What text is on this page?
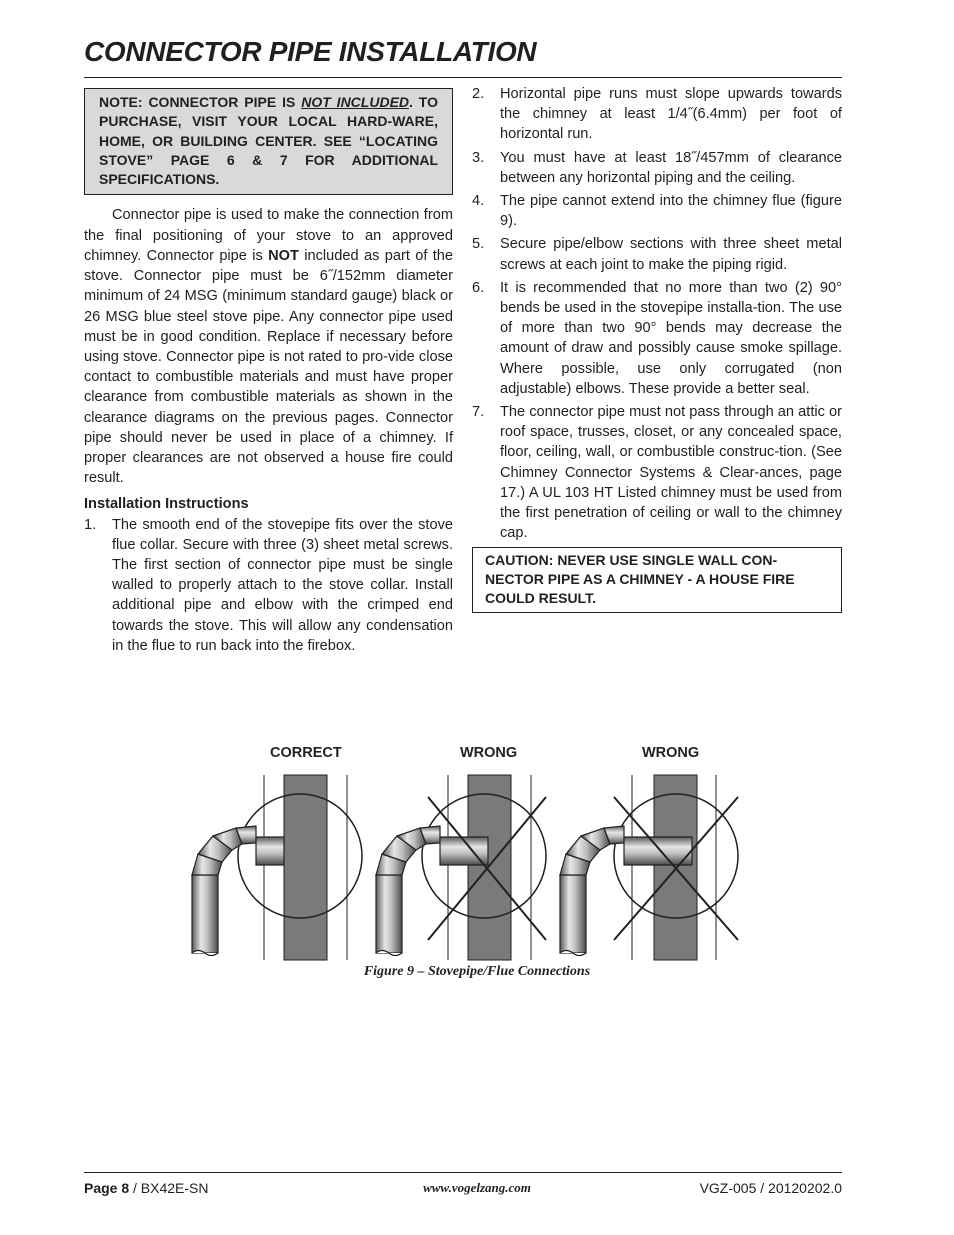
CONNECTOR PIPE INSTALLATION
NOTE: CONNECTOR PIPE IS NOT INCLUDED. TO PURCHASE, VISIT YOUR LOCAL HARD-WARE, HOME, OR BUILDING CENTER. SEE “LOCATING STOVE” PAGE 6 & 7 FOR ADDITIONAL SPECIFICATIONS.

Connector pipe is used to make the connection from the final positioning of your stove to an approved chimney. Connector pipe is NOT included as part of the stove. Connector pipe must be 6˝/152mm diameter minimum of 24 MSG (minimum standard gauge) black or 26 MSG blue steel stove pipe. Any connector pipe used must be in good condition. Replace if necessary before using stove. Connector pipe is not rated to pro-vide close contact to combustible materials and must have proper clearance from combustible materials as shown in the clearance diagrams on the previous pages. Connector pipe should never be used in place of a chimney. If proper clearances are not observed a house fire could result.

Installation Instructions

1. The smooth end of the stovepipe fits over the stove flue collar. Secure with three (3) sheet metal screws. The first section of connector pipe must be single walled to properly attach to the stove collar. Install additional pipe and elbow with the crimped end towards the stove. This will allow any condensation in the flue to run back into the firebox.
2. Horizontal pipe runs must slope upwards towards the chimney at least 1/4˝(6.4mm) per foot of horizontal run.
3. You must have at least 18˝/457mm of clearance between any horizontal piping and the ceiling.
4. The pipe cannot extend into the chimney flue (figure 9).
5. Secure pipe/elbow sections with three sheet metal screws at each joint to make the piping rigid.
6. It is recommended that no more than two (2) 90° bends be used in the stovepipe installa-tion. The use of more than two 90° bends may decrease the amount of draw and possibly cause smoke spillage. Where possible, use only corrugated (non adjustable) elbows. These provide a better seal.
7. The connector pipe must not pass through an attic or roof space, trusses, closet, or any concealed space, floor, ceiling, wall, or combustible construc-tion. (See Chimney Connector Systems & Clear-ances, page 17.) A UL 103 HT Listed chimney must be used from the first penetration of ceiling or wall to the chimney cap.
CAUTION: NEVER USE SINGLE WALL CON-NECTOR PIPE AS A CHIMNEY - A HOUSE FIRE COULD RESULT.
CORRECT	WRONG	WRONG
Figure 9 – Stovepipe/Flue Connections
Page 8 / BX42E-SN	www.vogelzang.com	VGZ-005 / 20120202.0
